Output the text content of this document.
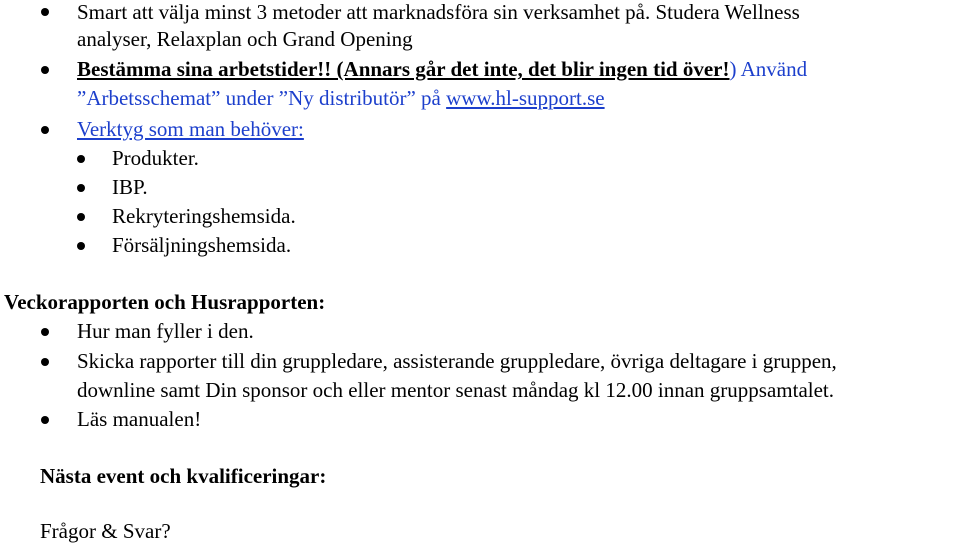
Smart att välja minst 3 metoder att marknadsföra sin verksamhet på. Studera Wellness
analyser, Relaxplan och Grand Opening
Bestämma sina arbetstider!! (Annars går det inte, det blir ingen tid över!) Använd
”Arbetsschemat” under ”Ny distributör” på www.hl-support.se
Verktyg som man behöver:
Produkter.
IBP.
Rekryteringshemsida.
Försäljningshemsida.
Veckorapporten och Husrapporten:
Hur man fyller i den.
Skicka rapporter till din gruppledare, assisterande gruppledare, övriga deltagare i gruppen,
downline samt Din sponsor och eller mentor senast måndag kl 12.00 innan gruppsamtalet.
Läs manualen!
Nästa event och kvalificeringar:
Frågor & Svar?
